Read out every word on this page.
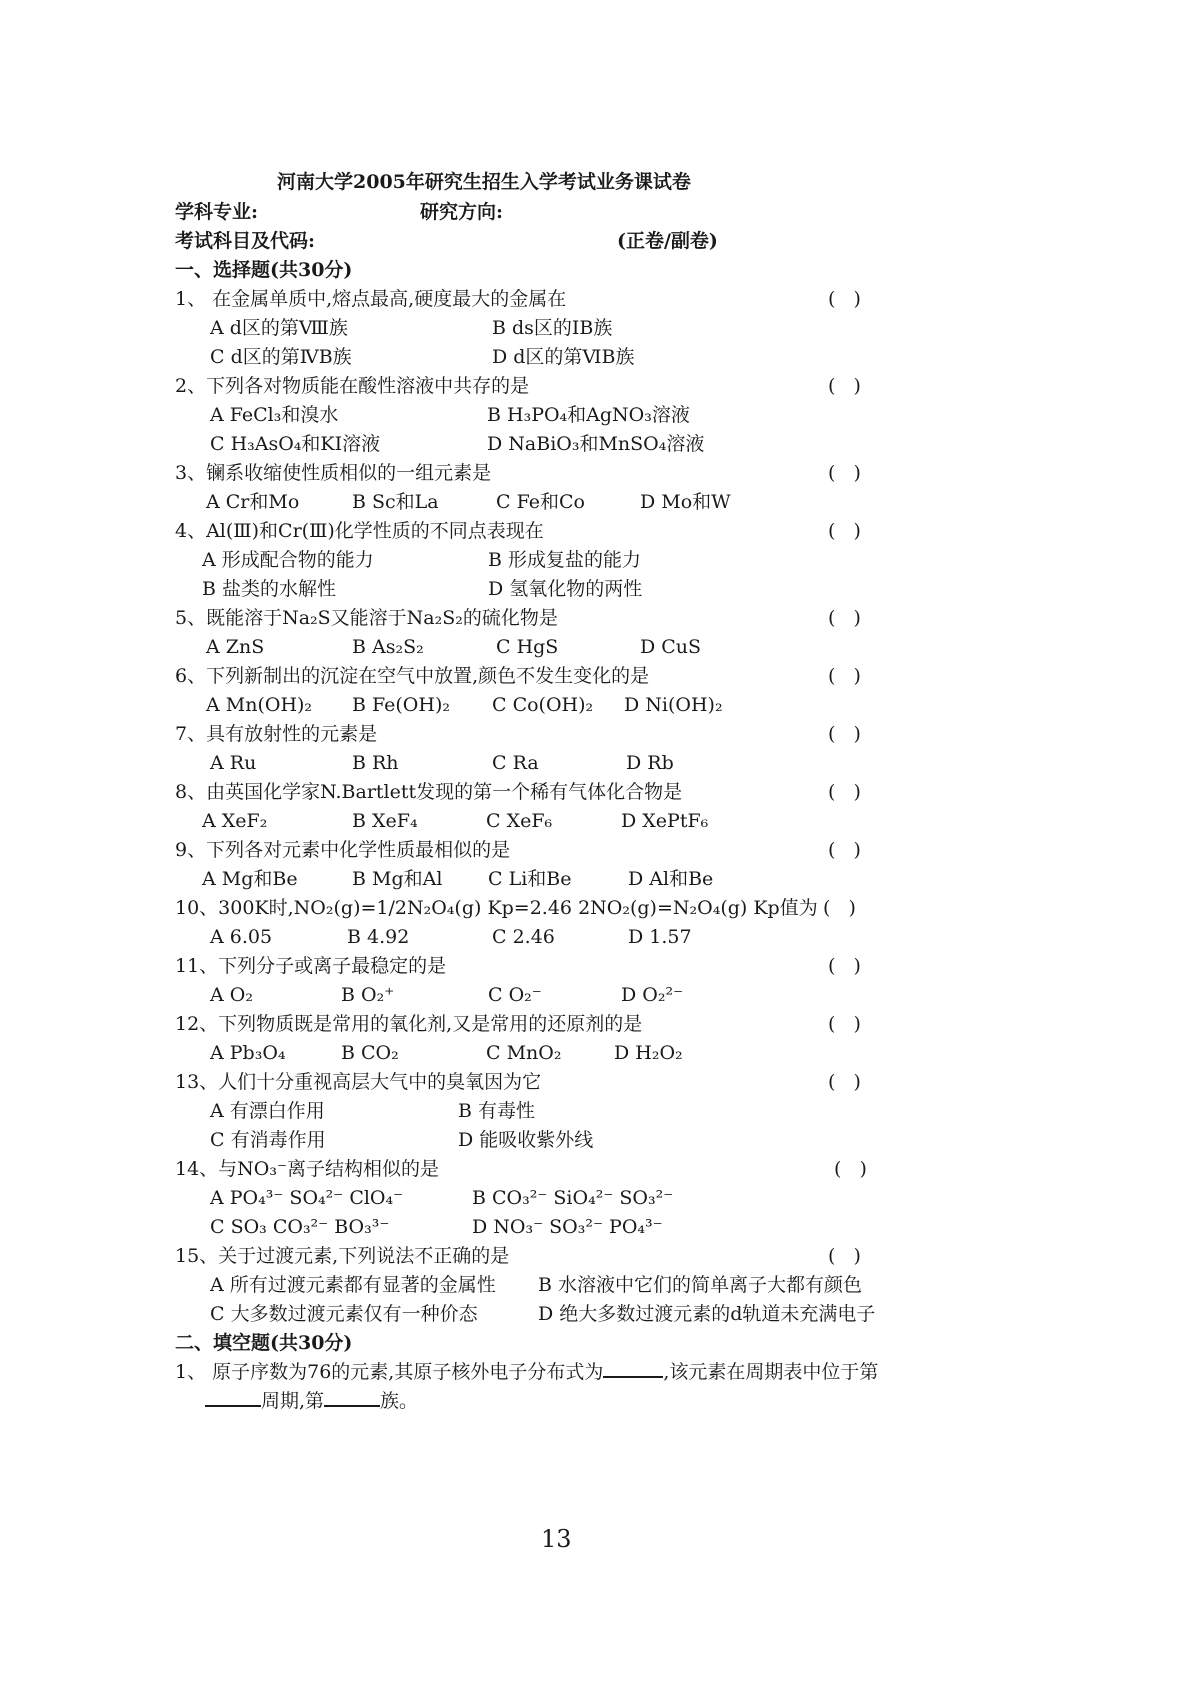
河南大学2005年研究生招生入学考试业务课试卷
学科专业:	研究方向:
考试科目及代码:	(正卷/副卷)
一、选择题(共30分)
1、 在金属单质中,熔点最高,硬度最大的金属在	( )
A d区的第Ⅷ族	B ds区的ⅠB族
C d区的第ⅣB族	D d区的第ⅥB族
2、下列各对物质能在酸性溶液中共存的是	( )
A FeCl₃和溴水	B H₃PO₄和AgNO₃溶液
C H₃AsO₄和KI溶液	D NaBiO₃和MnSO₄溶液
3、镧系收缩使性质相似的一组元素是	( )
A Cr和Mo	B Sc和La	C Fe和Co	D Mo和W
4、Al(Ⅲ)和Cr(Ⅲ)化学性质的不同点表现在	( )
A 形成配合物的能力	B 形成复盐的能力
B 盐类的水解性	D 氢氧化物的两性
5、既能溶于Na₂S又能溶于Na₂S₂的硫化物是	( )
A ZnS	B As₂S₂	C HgS	D CuS
6、下列新制出的沉淀在空气中放置,颜色不发生变化的是	( )
A Mn(OH)₂ B Fe(OH)₂ C Co(OH)₂ D Ni(OH)₂
7、具有放射性的元素是	( )
A Ru	B Rh	C Ra	D Rb
8、由英国化学家N.Bartlett发现的第一个稀有气体化合物是	( )
A XeF₂	B XeF₄	C XeF₆	D XePtF₆
9、下列各对元素中化学性质最相似的是	( )
A Mg和Be	B Mg和Al C Li和Be	D Al和Be
10、300K时,NO₂(g)=1/2N₂O₄(g) Kp=2.46 2NO₂(g)=N₂O₄(g) Kp值为 ( )
A 6.05	B 4.92	C 2.46	D 1.57
11、下列分子或离子最稳定的是	( )
A O₂	B O₂⁺	C O₂⁻	D O₂²⁻
12、下列物质既是常用的氧化剂,又是常用的还原剂的是	( )
A Pb₃O₄	B CO₂	C MnO₂	D H₂O₂
13、人们十分重视高层大气中的臭氧因为它	( )
A 有漂白作用	B 有毒性
C 有消毒作用	D 能吸收紫外线
14、与NO₃⁻离子结构相似的是	( )
A PO₄³⁻ SO₄²⁻ ClO₄⁻	B CO₃²⁻ SiO₄²⁻ SO₃²⁻
C SO₃ CO₃²⁻ BO₃³⁻	D NO₃⁻ SO₃²⁻ PO₄³⁻
15、关于过渡元素,下列说法不正确的是	( )
A 所有过渡元素都有显著的金属性 B 水溶液中它们的简单离子大都有颜色
C 大多数过渡元素仅有一种价态	D 绝大多数过渡元素的d轨道未充满电子
二、填空题(共30分)
1、 原子序数为76的元素,其原子核外电子分布式为	,该元素在周期表中位于第
周期,第	族。
13
